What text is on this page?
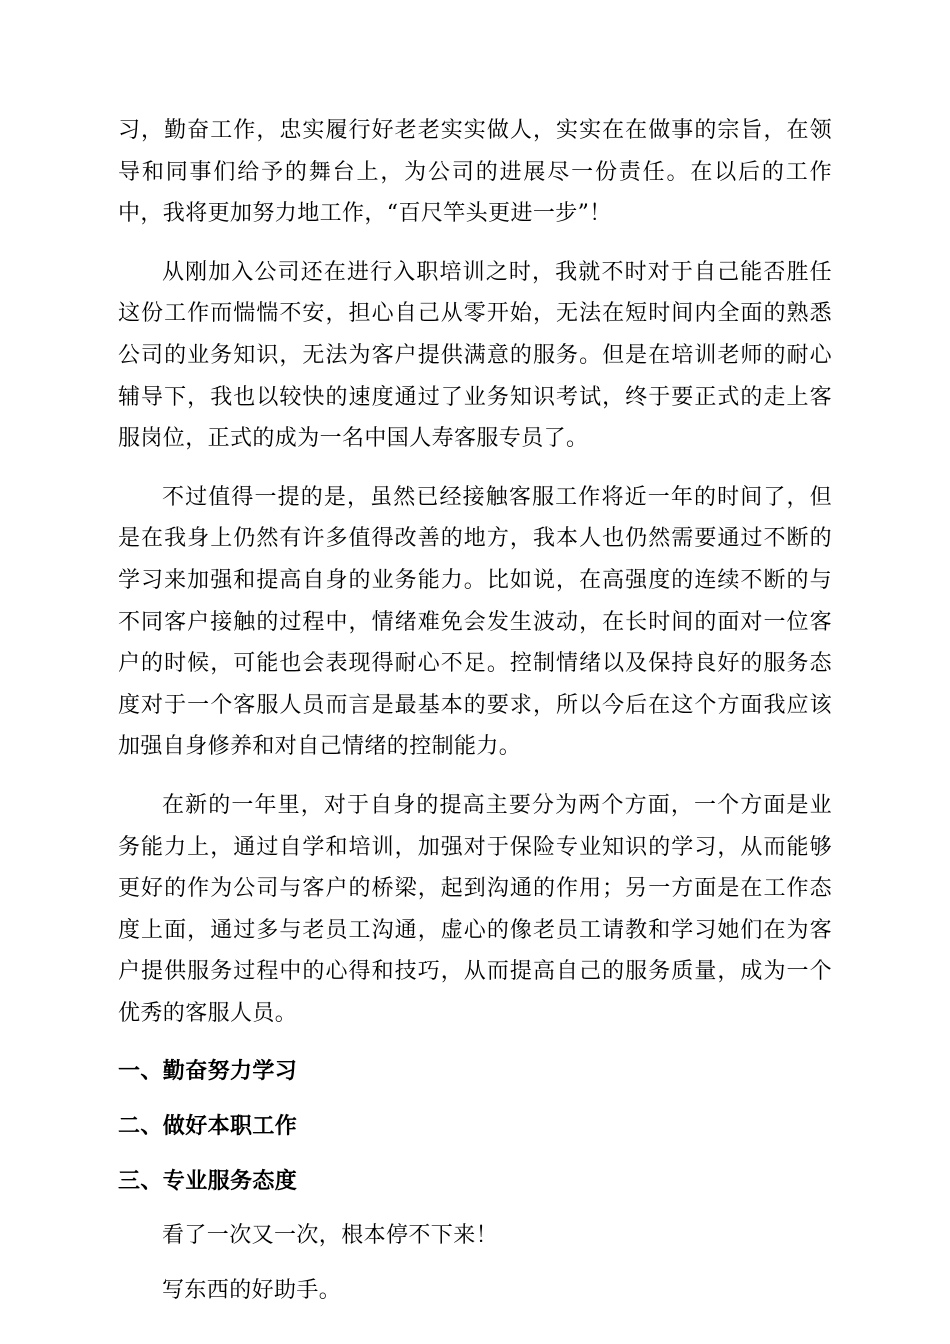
习，勤奋工作，忠实履行好老老实实做人，实实在在做事的宗旨，在领导和同事们给予的舞台上，为公司的进展尽一份责任。在以后的工作中，我将更加努力地工作，“百尺竿头更进一步”！

从刚加入公司还在进行入职培训之时，我就不时对于自己能否胜任这份工作而惴惴不安，担心自己从零开始，无法在短时间内全面的熟悉公司的业务知识，无法为客户提供满意的服务。但是在培训老师的耐心辅导下，我也以较快的速度通过了业务知识考试，终于要正式的走上客服岗位，正式的成为一名中国人寿客服专员了。

不过值得一提的是，虽然已经接触客服工作将近一年的时间了，但是在我身上仍然有许多值得改善的地方，我本人也仍然需要通过不断的学习来加强和提高自身的业务能力。比如说，在高强度的连续不断的与不同客户接触的过程中，情绪难免会发生波动，在长时间的面对一位客户的时候，可能也会表现得耐心不足。控制情绪以及保持良好的服务态度对于一个客服人员而言是最基本的要求，所以今后在这个方面我应该加强自身修养和对自己情绪的控制能力。

在新的一年里，对于自身的提高主要分为两个方面，一个方面是业务能力上，通过自学和培训，加强对于保险专业知识的学习，从而能够更好的作为公司与客户的桥梁，起到沟通的作用；另一方面是在工作态度上面，通过多与老员工沟通，虚心的像老员工请教和学习她们在为客户提供服务过程中的心得和技巧，从而提高自己的服务质量，成为一个优秀的客服人员。

一、勤奋努力学习
二、做好本职工作
三、专业服务态度
看了一次又一次，根本停不下来！
写东西的好助手。
